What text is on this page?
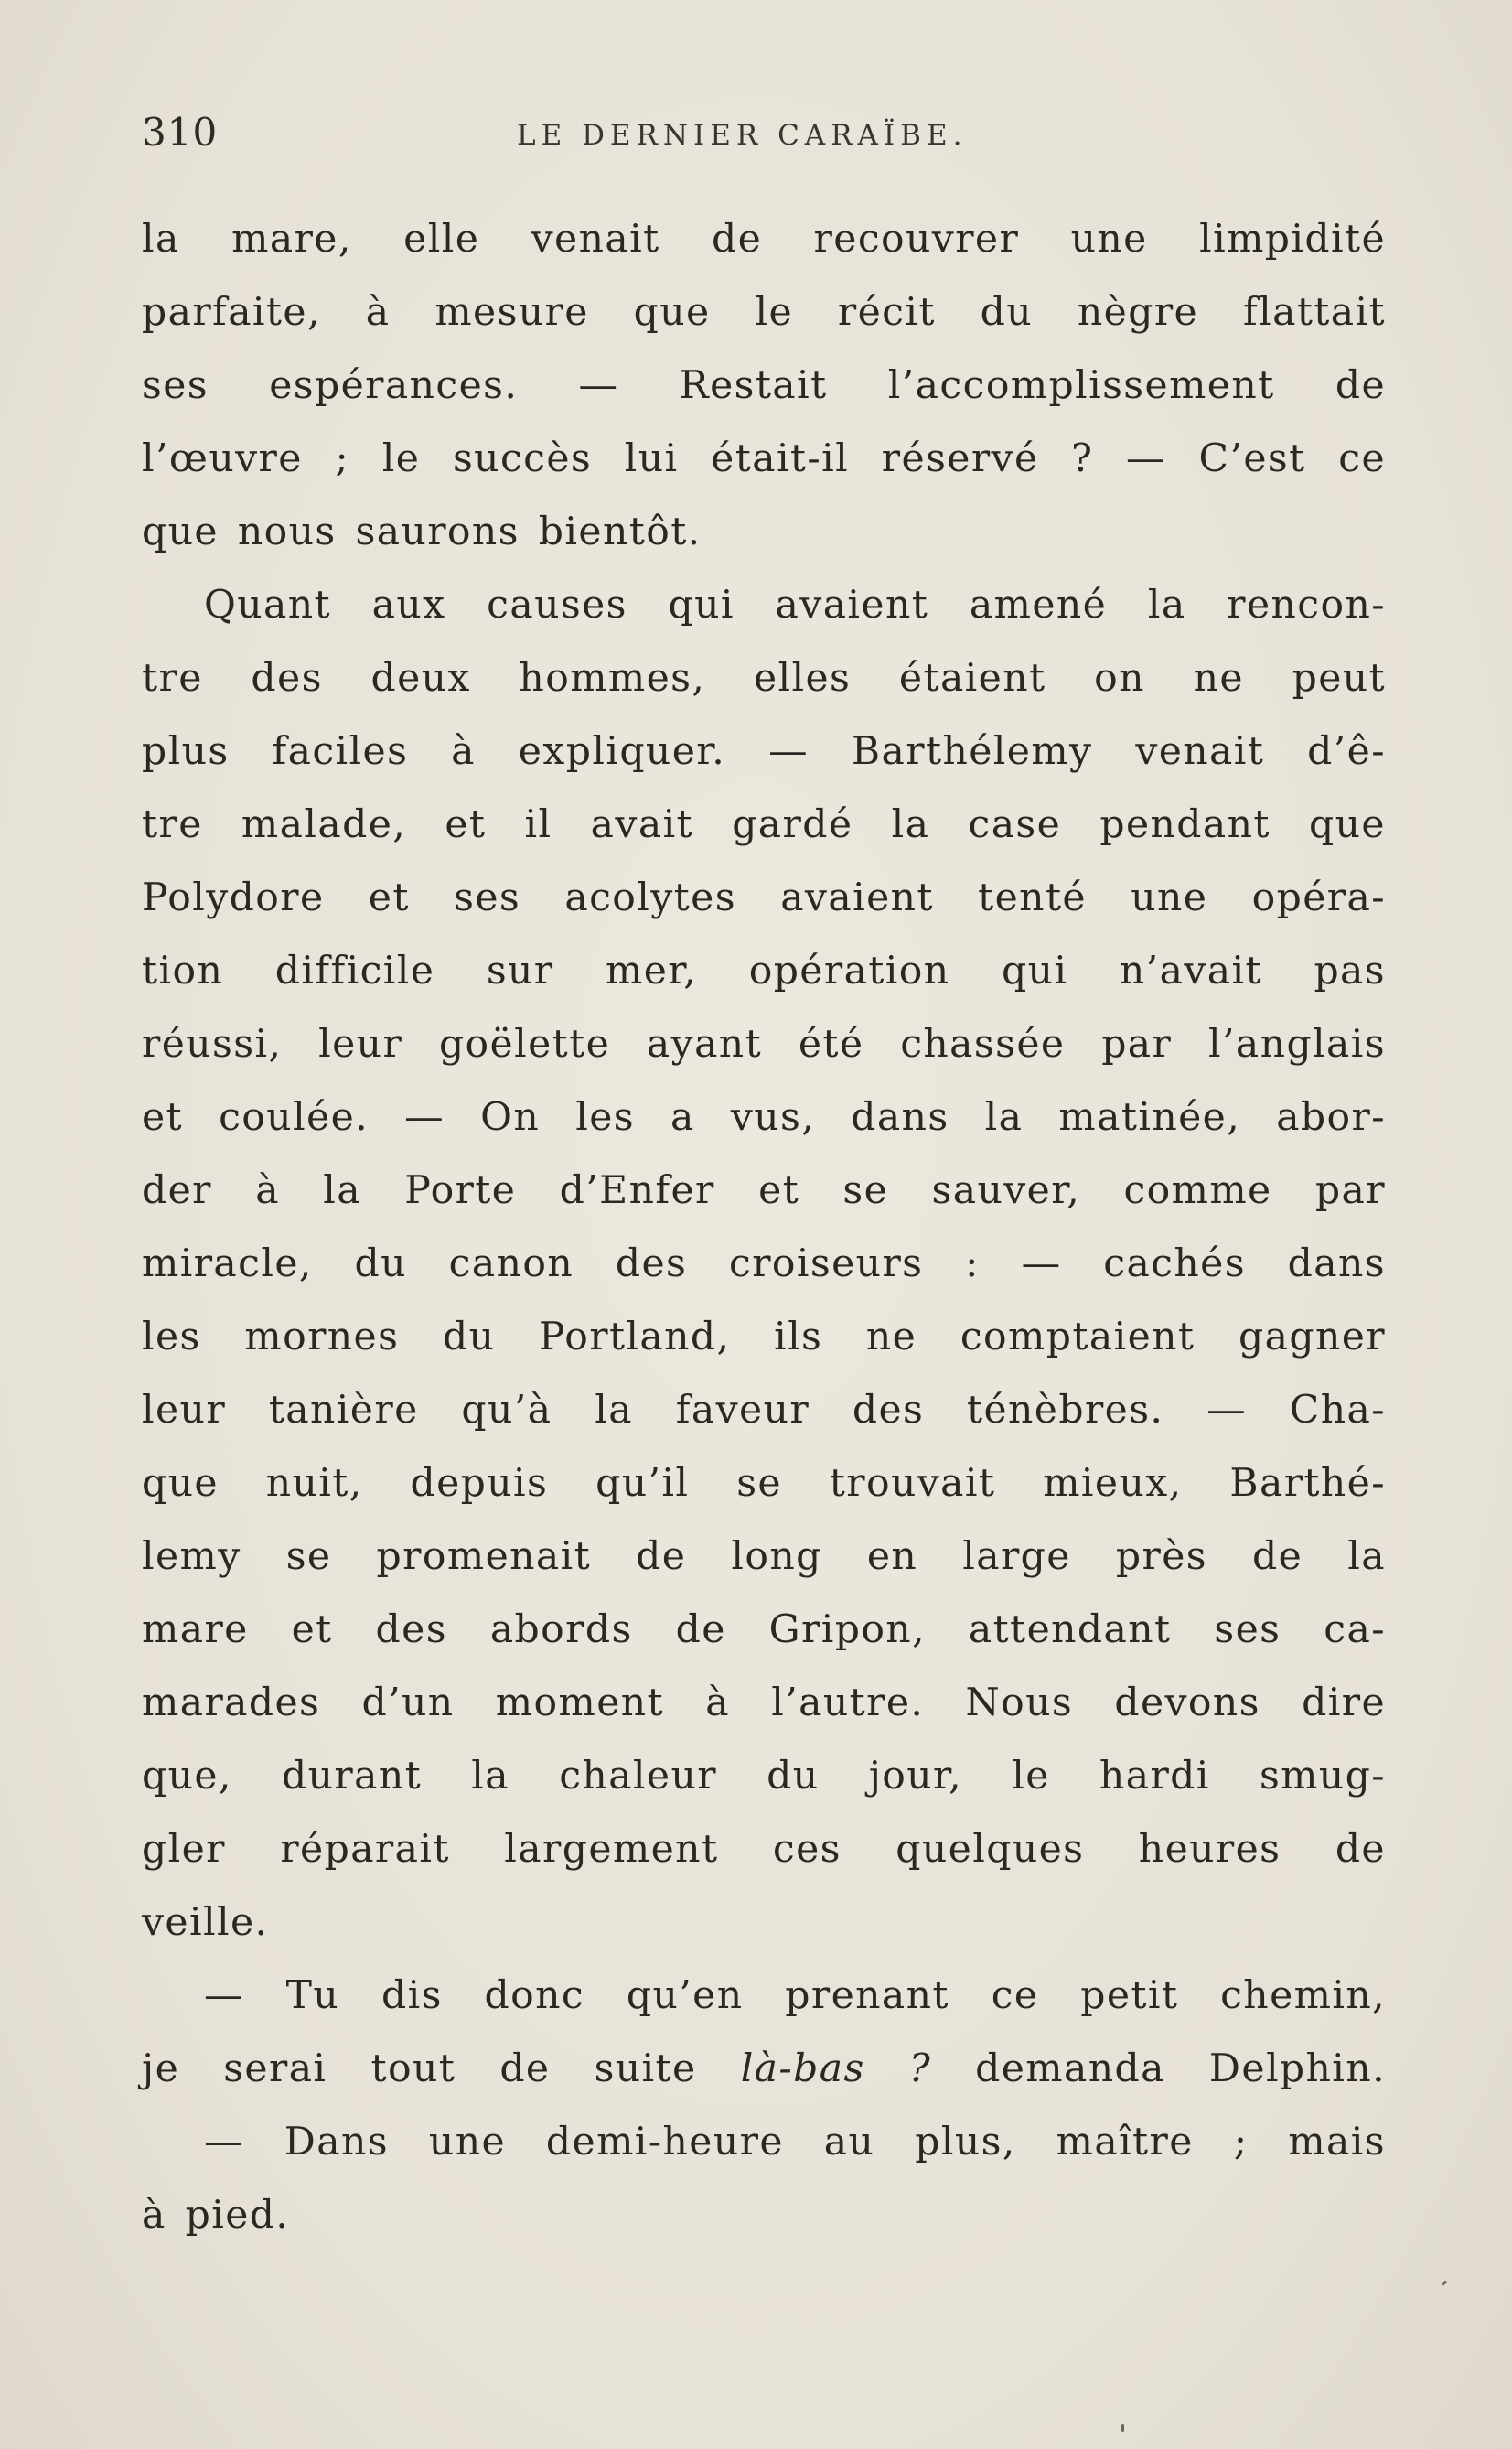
310	LE DERNIER CARAÏBE.
la mare, elle venait de recouvrer une limpidité
parfaite, à mesure que le récit du nègre flattait
ses espérances. — Restait l’accomplissement de
l’œuvre ; le succès lui était-il réservé ? — C’est ce
que nous saurons bientôt.
Quant aux causes qui avaient amené la rencon-
tre des deux hommes, elles étaient on ne peut
plus faciles à expliquer. — Barthélemy venait d’ê-
tre malade, et il avait gardé la case pendant que
Polydore et ses acolytes avaient tenté une opéra-
tion difficile sur mer, opération qui n’avait pas
réussi, leur goëlette ayant été chassée par l’anglais
et coulée. — On les a vus, dans la matinée, abor-
der à la Porte d’Enfer et se sauver, comme par
miracle, du canon des croiseurs : — cachés dans
les mornes du Portland, ils ne comptaient gagner
leur tanière qu’à la faveur des ténèbres. — Cha-
que nuit, depuis qu’il se trouvait mieux, Barthé-
lemy se promenait de long en large près de la
mare et des abords de Gripon, attendant ses ca-
marades d’un moment à l’autre. Nous devons dire
que, durant la chaleur du jour, le hardi smug-
gler réparait largement ces quelques heures de
veille.
— Tu dis donc qu’en prenant ce petit chemin,
je serai tout de suite là-bas ? demanda Delphin.
— Dans une demi-heure au plus, maître ; mais
à pied.
